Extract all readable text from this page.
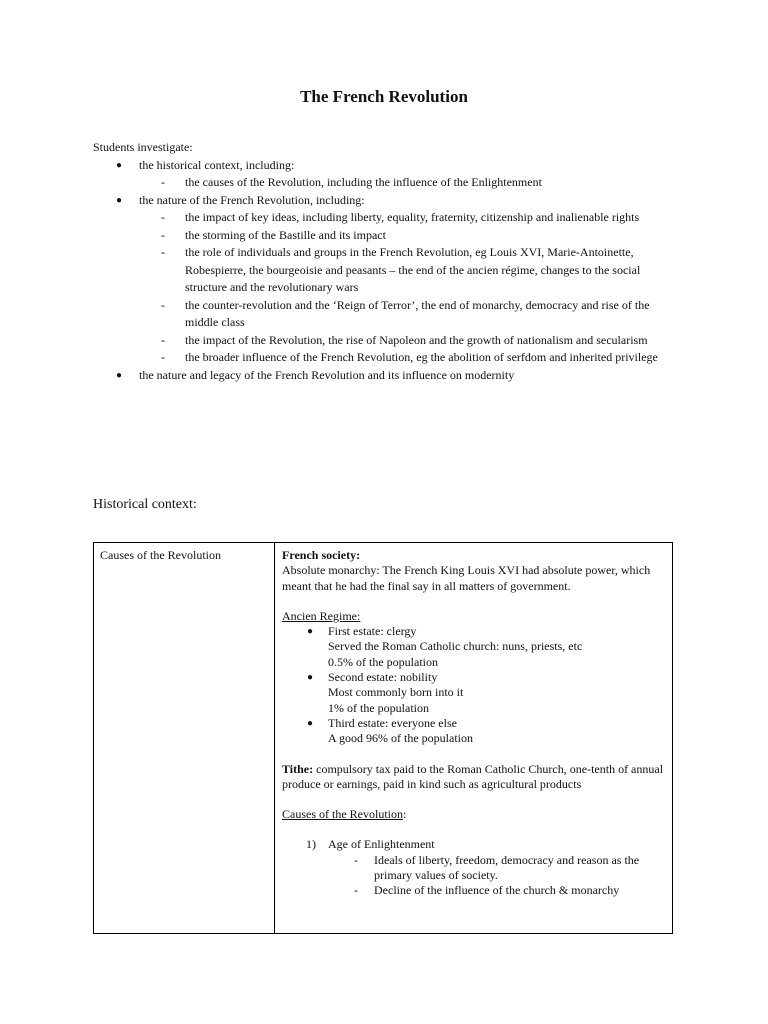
The French Revolution
Students investigate:
● the historical context, including:
- the causes of the Revolution, including the influence of the Enlightenment
● the nature of the French Revolution, including:
- the impact of key ideas, including liberty, equality, fraternity, citizenship and inalienable rights
- the storming of the Bastille and its impact
- the role of individuals and groups in the French Revolution, eg Louis XVI, Marie-Antoinette, Robespierre, the bourgeoisie and peasants – the end of the ancien régime, changes to the social structure and the revolutionary wars
- the counter-revolution and the ‘Reign of Terror’, the end of monarchy, democracy and rise of the middle class
- the impact of the Revolution, the rise of Napoleon and the growth of nationalism and secularism
- the broader influence of the French Revolution, eg the abolition of serfdom and inherited privilege
● the nature and legacy of the French Revolution and its influence on modernity
Historical context:
Causes of the Revolution	French society:
Absolute monarchy: The French King Louis XVI had absolute power, which meant that he had the final say in all matters of government.
Ancien Regime:
● First estate: clergy
Served the Roman Catholic church: nuns, priests, etc
0.5% of the population
● Second estate: nobility
Most commonly born into it
1% of the population
● Third estate: everyone else
A good 96% of the population
Tithe: compulsory tax paid to the Roman Catholic Church, one-tenth of annual produce or earnings, paid in kind such as agricultural products
Causes of the Revolution:
1) Age of Enlightenment
- Ideals of liberty, freedom, democracy and reason as the primary values of society.
- Decline of the influence of the church & monarchy
